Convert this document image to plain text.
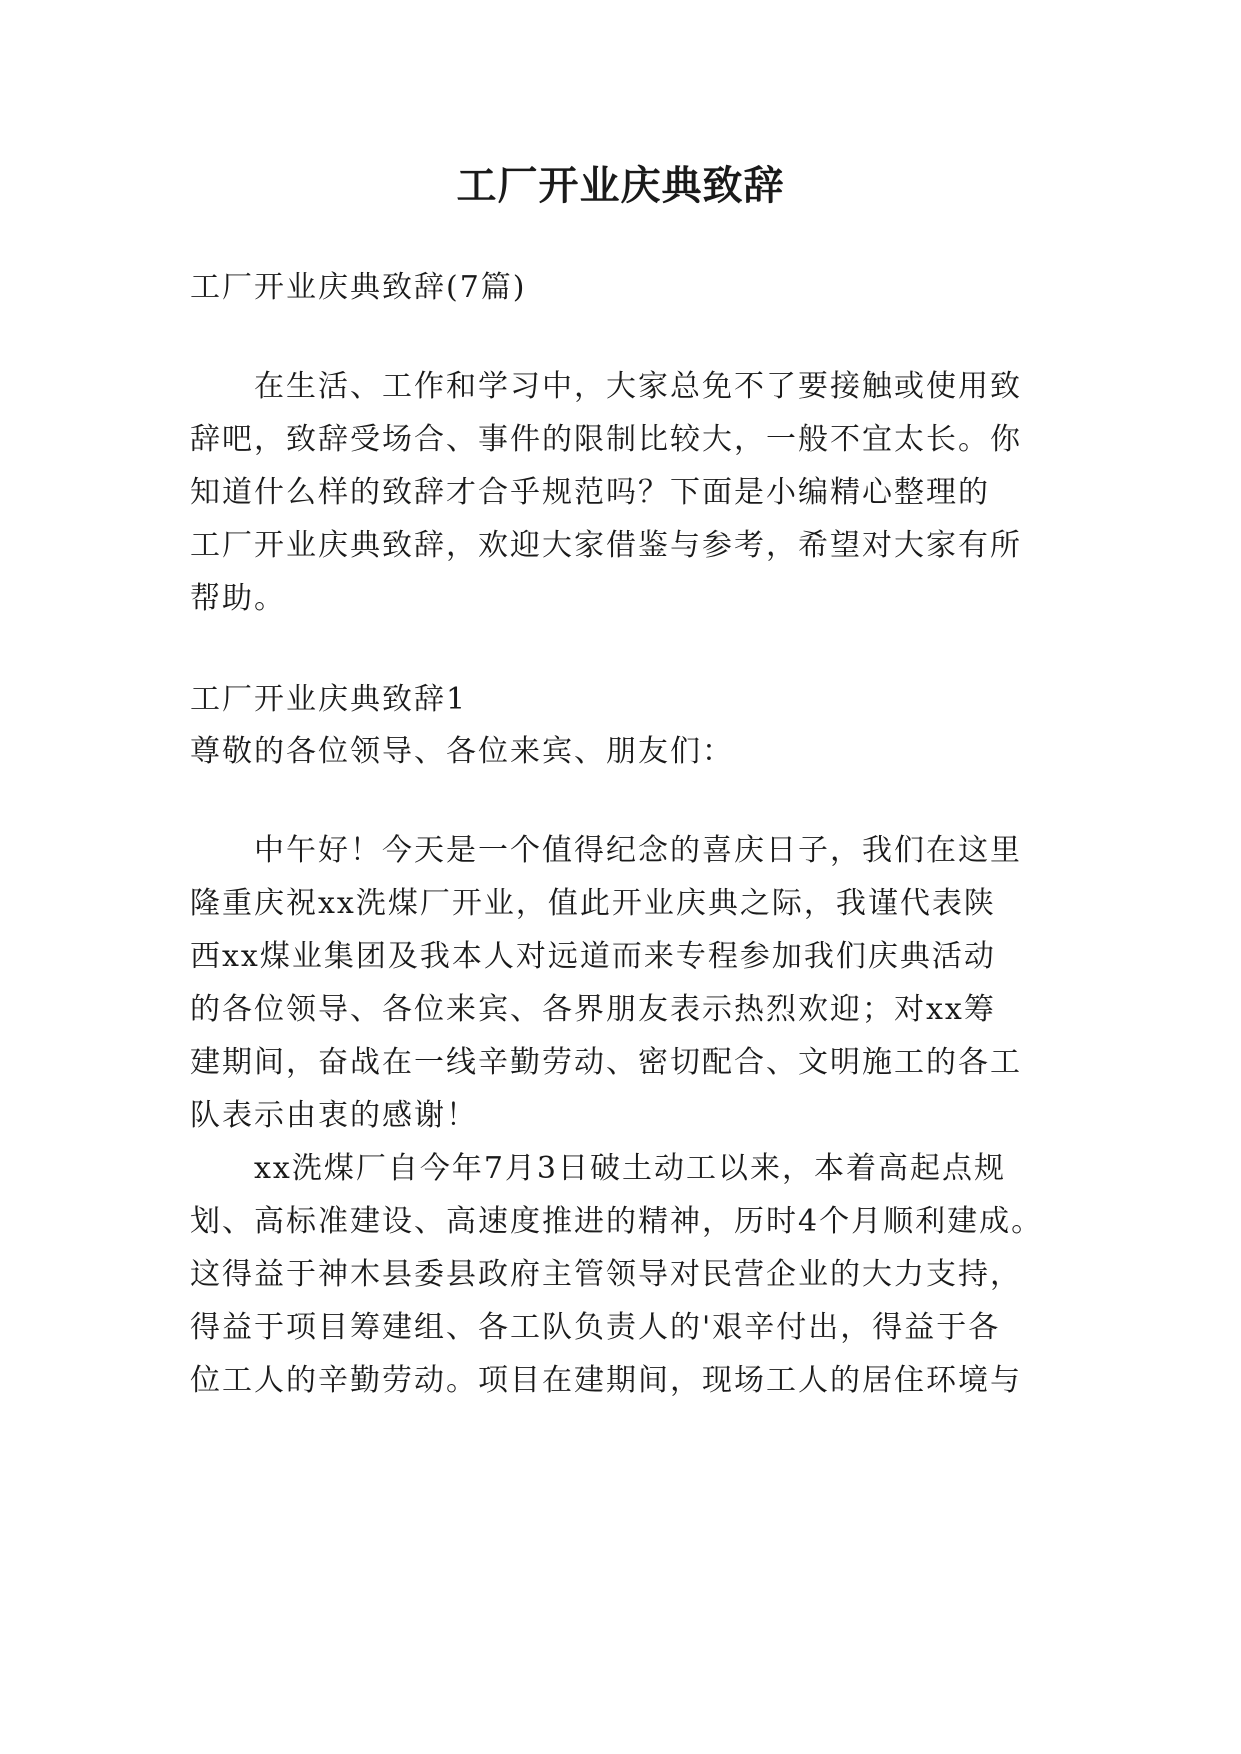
工厂开业庆典致辞

工厂开业庆典致辞(7篇)

在生活、工作和学习中，大家总免不了要接触或使用致

辞吧，致辞受场合、事件的限制比较大，一般不宜太长。你

知道什么样的致辞才合乎规范吗？下面是小编精心整理的

工厂开业庆典致辞，欢迎大家借鉴与参考，希望对大家有所

帮助。

工厂开业庆典致辞1

尊敬的各位领导、各位来宾、朋友们：

中午好！今天是一个值得纪念的喜庆日子，我们在这里

隆重庆祝xx洗煤厂开业，值此开业庆典之际，我谨代表陕

西xx煤业集团及我本人对远道而来专程参加我们庆典活动

的各位领导、各位来宾、各界朋友表示热烈欢迎；对xx筹

建期间，奋战在一线辛勤劳动、密切配合、文明施工的各工

队表示由衷的感谢！

xx洗煤厂自今年7月3日破土动工以来，本着高起点规

划、高标准建设、高速度推进的精神，历时4个月顺利建成。

这得益于神木县委县政府主管领导对民营企业的大力支持，

得益于项目筹建组、各工队负责人的'艰辛付出，得益于各

位工人的辛勤劳动。项目在建期间，现场工人的居住环境与
